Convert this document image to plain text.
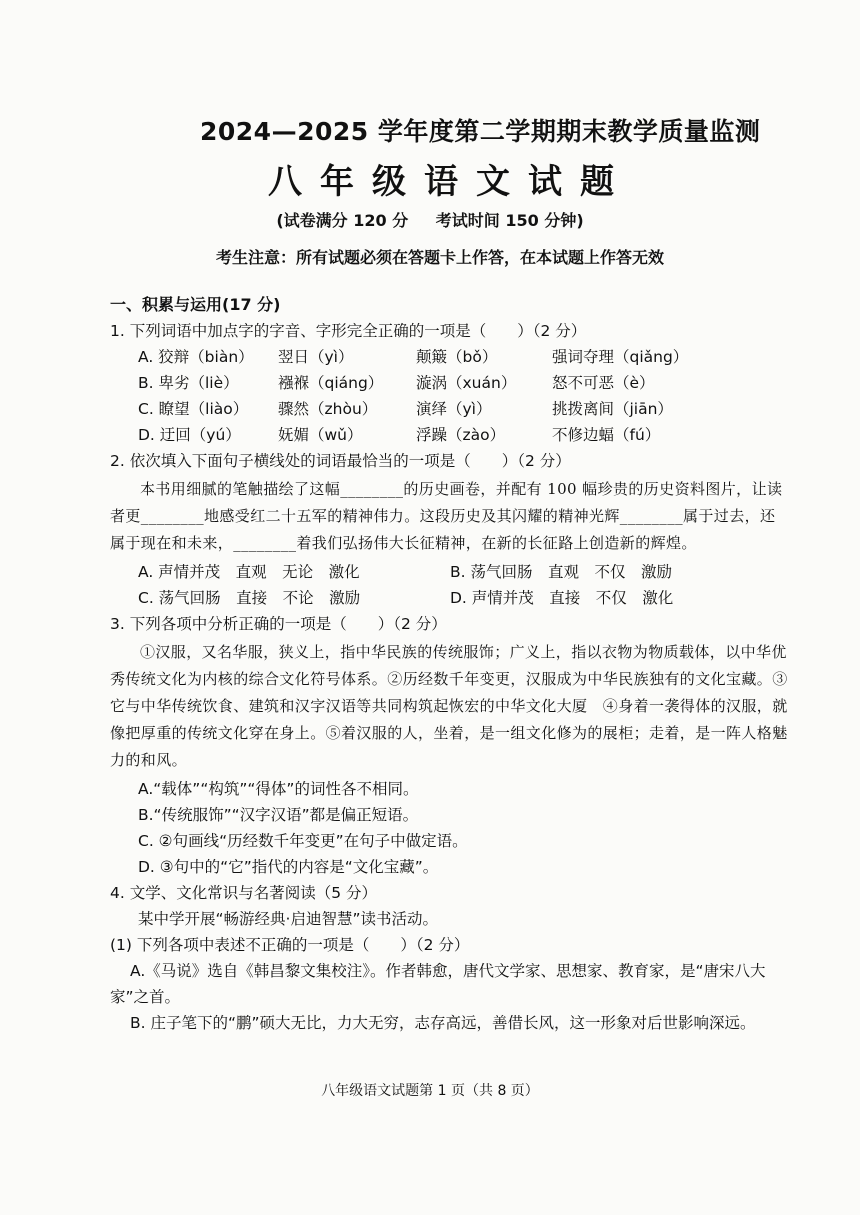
2024—2025 学年度第二学期期末教学质量监测
八年级语文试题
(试卷满分 120 分 考试时间 150 分钟)
考生注意：所有试题必须在答题卡上作答，在本试题上作答无效
一、积累与运用(17 分)
1. 下列词语中加点字的字音、字形完全正确的一项是（　　）（2 分）
A. 狡辩（biàn）	翌日（yì）	颠簸（bǒ）	强词夺理（qiǎng）
B. 卑劣（liè）	襁褓（qiáng）	漩涡（xuán）	怒不可恶（è）
C. 瞭望（liào）	骤然（zhòu）	演绎（yì）	挑拨离间（jiān）
D. 迂回（yú）	妩媚（wǔ）	浮躁（zào）	不修边蝠（fú）
2. 依次填入下面句子横线处的词语最恰当的一项是（　　）（2 分）
本书用细腻的笔触描绘了这幅________的历史画卷，并配有 100 幅珍贵的历史资料图片，让读者更________地感受红二十五军的精神伟力。这段历史及其闪耀的精神光辉________属于过去，还属于现在和未来，________着我们弘扬伟大长征精神，在新的长征路上创造新的辉煌。
A. 声情并茂　直观　无论　激化	B. 荡气回肠　直观　不仅　激励
C. 荡气回肠　直接　不论　激励	D. 声情并茂　直接　不仅　激化
3. 下列各项中分析正确的一项是（　　）（2 分）
①汉服，又名华服，狭义上，指中华民族的传统服饰；广义上，指以衣物为物质载体，以中华优秀传统文化为内核的综合文化符号体系。②历经数千年变更，汉服成为中华民族独有的文化宝藏。③它与中华传统饮食、建筑和汉字汉语等共同构筑起恢宏的中华文化大厦　④身着一袭得体的汉服，就像把厚重的传统文化穿在身上。⑤着汉服的人，坐着，是一组文化修为的展柜；走着，是一阵人格魅力的和风。
A.“载体”“构筑”“得体”的词性各不相同。
B.“传统服饰”“汉字汉语”都是偏正短语。
C. ②句画线“历经数千年变更”在句子中做定语。
D. ③句中的“它”指代的内容是“文化宝藏”。
4. 文学、文化常识与名著阅读（5 分）
某中学开展“畅游经典·启迪智慧”读书活动。
(1) 下列各项中表述不正确的一项是（　　）（2 分）
A.《马说》选自《韩昌黎文集校注》。作者韩愈，唐代文学家、思想家、教育家，是“唐宋八大家”之首。
B. 庄子笔下的“鹏”硕大无比，力大无穷，志存高远，善借长风，这一形象对后世影响深远。
八年级语文试题第 1 页（共 8 页）
